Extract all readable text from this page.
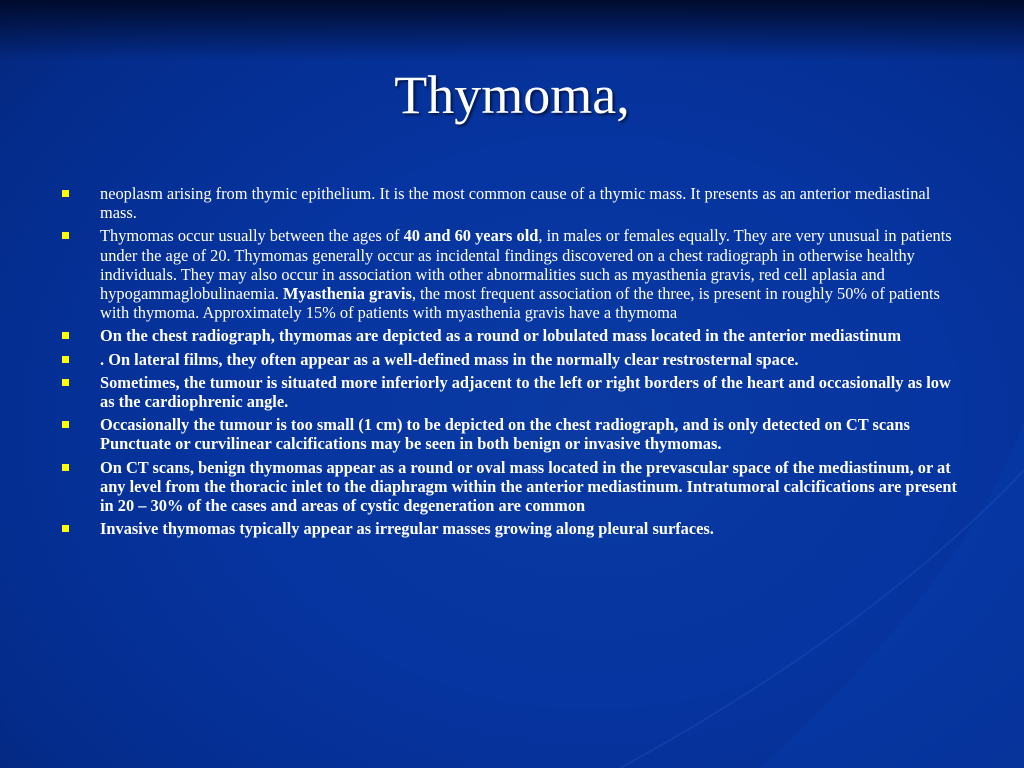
Thymoma,
neoplasm arising from thymic epithelium. It is the most common cause of a thymic mass. It presents as an anterior mediastinal mass.
Thymomas occur usually between the ages of 40 and 60 years old, in males or females equally. They are very unusual in patients under the age of 20. Thymomas generally occur as incidental findings discovered on a chest radiograph in otherwise healthy individuals. They may also occur in association with other abnormalities such as myasthenia gravis, red cell aplasia and hypogammaglobulinaemia. Myasthenia gravis, the most frequent association of the three, is present in roughly 50% of patients with thymoma. Approximately 15% of patients with myasthenia gravis have a thymoma
On the chest radiograph, thymomas are depicted as a round or lobulated mass located in the anterior mediastinum
. On lateral films, they often appear as a well-defined mass in the normally clear restrosternal space.
Sometimes, the tumour is situated more inferiorly adjacent to the left or right borders of the heart and occasionally as low as the cardiophrenic angle.
Occasionally the tumour is too small (1 cm) to be depicted on the chest radiograph, and is only detected on CT scans Punctuate or curvilinear calcifications may be seen in both benign or invasive thymomas.
On CT scans, benign thymomas appear as a round or oval mass located in the prevascular space of the mediastinum, or at any level from the thoracic inlet to the diaphragm within the anterior mediastinum. Intratumoral calcifications are present in 20 – 30% of the cases and areas of cystic degeneration are common
Invasive thymomas typically appear as irregular masses growing along pleural surfaces.
